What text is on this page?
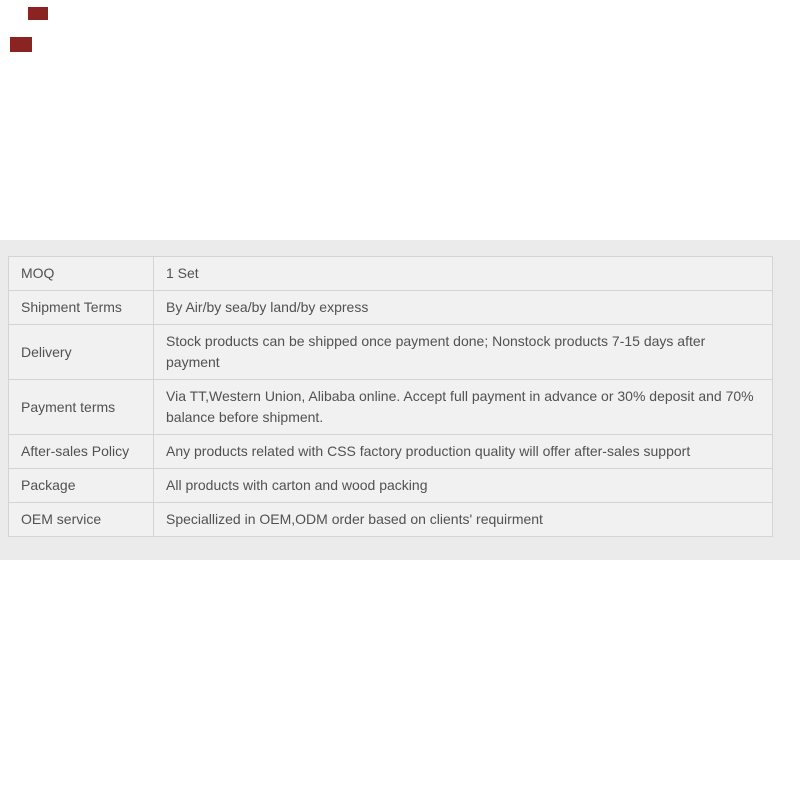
MOQ	1 Set
Shipment Terms	By Air/by sea/by land/by express
Delivery	Stock products can be shipped once payment done; Nonstock products 7-15 days after payment
Payment terms	Via TT,Western Union, Alibaba online. Accept full payment in advance or 30% deposit and 70% balance before shipment.
After-sales Policy	Any products related with CSS factory production quality will offer after-sales support
Package	All products with carton and wood packing
OEM service	Speciallized in OEM,ODM order based on clients' requirment
